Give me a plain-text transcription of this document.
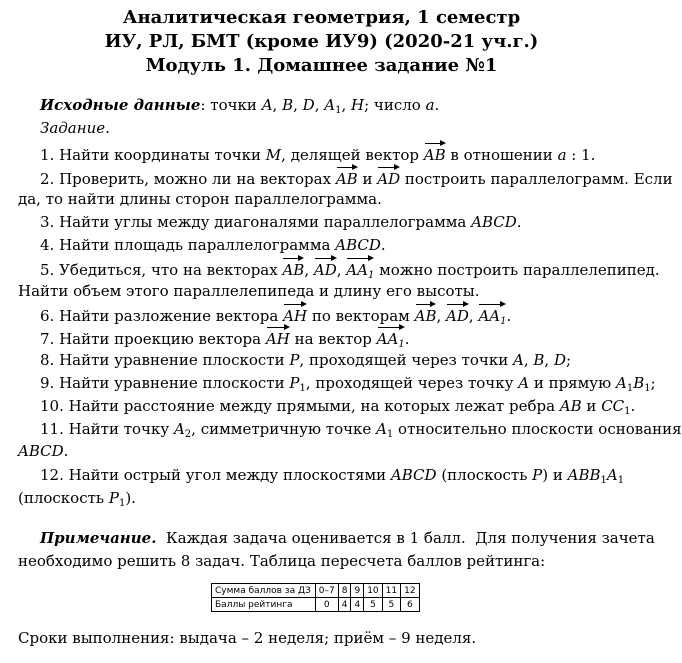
Аналитическая геометрия, 1 семестр
ИУ, РЛ, БМТ (кроме ИУ9) (2020-21 уч.г.)
Модуль 1. Домашнее задание №1
Исходные данные: точки A, B, D, $A_1$, H; число a.
Задание.
1. Найти координаты точки M, делящей вектор AB в отношении a : 1.
2. Проверить, можно ли на векторах AB и AD построить параллелограмм. Если
да, то найти длины сторон параллелограмма.
3. Найти углы между диагоналями параллелограмма ABCD.
4. Найти площадь параллелограмма ABCD.
5. Убедиться, что на векторах AB, AD, $AA_1$ можно построить параллелепипед.
Найти объем этого параллелепипеда и длину его высоты.
6. Найти разложение вектора AH по векторам AB, AD, $AA_1$.
7. Найти проекцию вектора AH на вектор $AA_1$.
8. Найти уравнение плоскости P, проходящей через точки A, B, D;
9. Найти уравнение плоскости $P_1$, проходящей через точку A и прямую $A_1B_1$;
10. Найти расстояние между прямыми, на которых лежат ребра AB и $CC_1$.
11. Найти точку $A_2$, симметричную точке $A_1$ относительно плоскости основания
ABCD.
12. Найти острый угол между плоскостями ABCD (плоскость P) и $ABB_1A_1$
(плоскость $P_1$).
Примечание.  Каждая задача оценивается в 1 балл.  Для получения зачета
необходимо решить 8 задач. Таблица пересчета баллов рейтинга:
Сумма баллов за ДЗ	0–7	8	9	10	11	12
Баллы рейтинга	0	4	4	5	5	6
Сроки выполнения: выдача – 2 неделя; приём – 9 неделя.
